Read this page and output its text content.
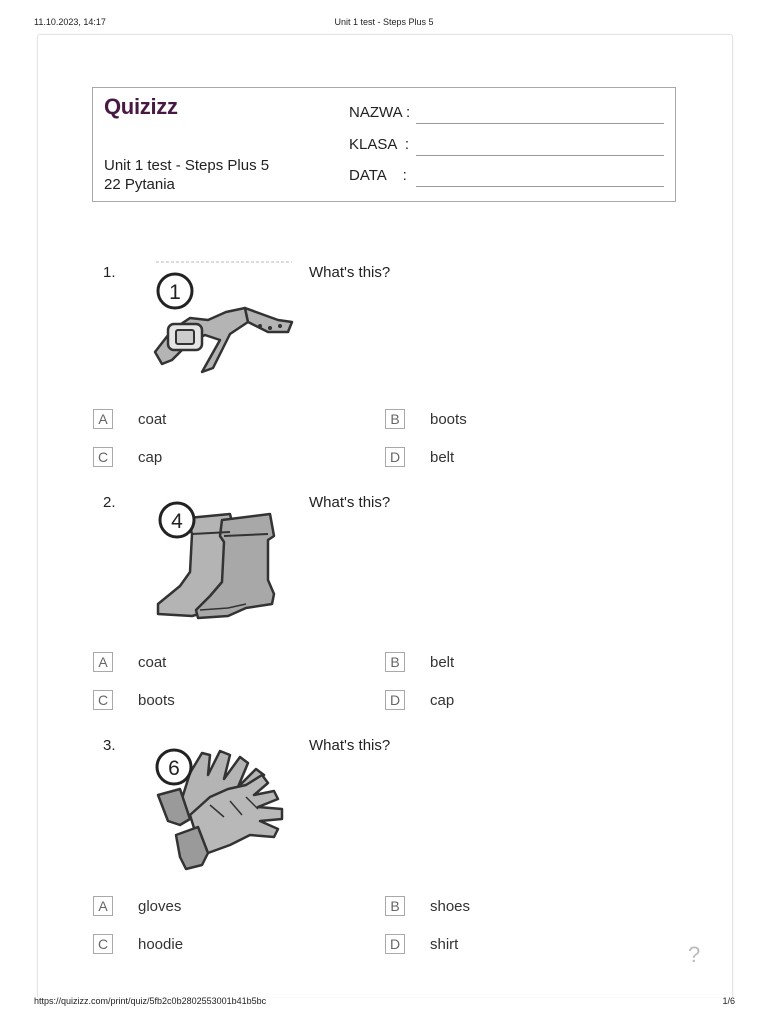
11.10.2023, 14:17	Unit 1 test - Steps Plus 5
https://quizizz.com/print/quiz/5fb2c0b2802553001b41b5bc	1/6
Quizizz
Unit 1 test - Steps Plus 5
22 Pytania
NAZWA :
KLASA  :
DATA    :
1.	What's this?
1
A	coat	B	boots
C	cap	D	belt
2.	What's this?
4
A	coat	B	belt
C	boots	D	cap
3.	What's this?
6
A	gloves	B	shoes
C	hoodie	D	shirt	?
